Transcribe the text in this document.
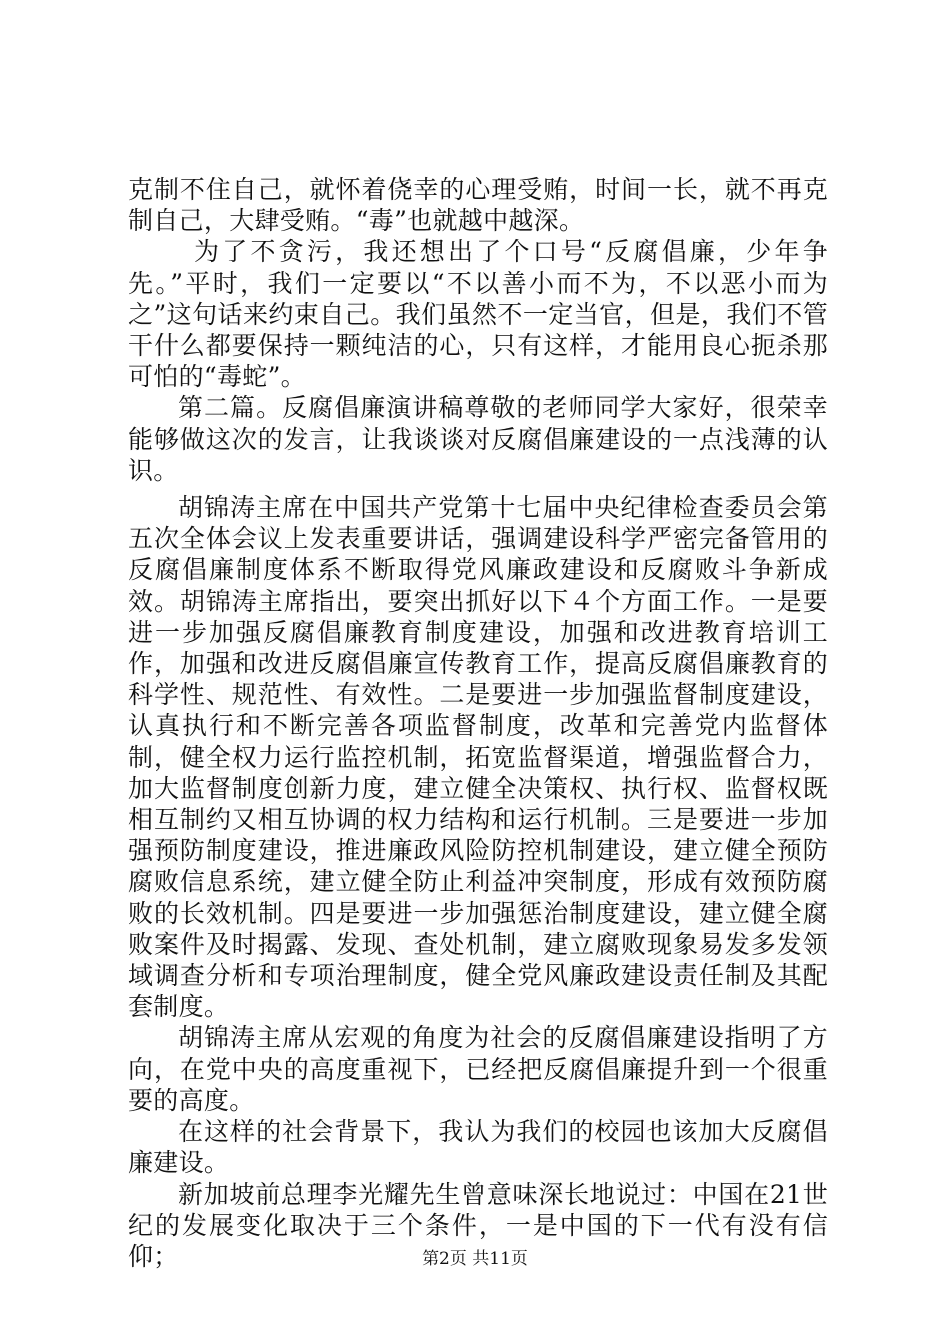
克制不住自己，就怀着侥幸的心理受贿，时间一长，就不再克制自己，大肆受贿。“毒”也就越中越深。

为了不贪污，我还想出了个口号“反腐倡廉，少年争先。”平时，我们一定要以“不以善小而不为，不以恶小而为之”这句话来约束自己。我们虽然不一定当官，但是，我们不管干什么都要保持一颗纯洁的心，只有这样，才能用良心扼杀那可怕的“毒蛇”。

第二篇。反腐倡廉演讲稿尊敬的老师同学大家好，很荣幸能够做这次的发言，让我谈谈对反腐倡廉建设的一点浅薄的认识。

胡锦涛主席在中国共产党第十七届中央纪律检查委员会第五次全体会议上发表重要讲话，强调建设科学严密完备管用的反腐倡廉制度体系不断取得党风廉政建设和反腐败斗争新成效。胡锦涛主席指出，要突出抓好以下４个方面工作。一是要进一步加强反腐倡廉教育制度建设，加强和改进教育培训工作，加强和改进反腐倡廉宣传教育工作，提高反腐倡廉教育的科学性、规范性、有效性。二是要进一步加强监督制度建设，认真执行和不断完善各项监督制度，改革和完善党内监督体制，健全权力运行监控机制，拓宽监督渠道，增强监督合力，加大监督制度创新力度，建立健全决策权、执行权、监督权既相互制约又相互协调的权力结构和运行机制。三是要进一步加强预防制度建设，推进廉政风险防控机制建设，建立健全预防腐败信息系统，建立健全防止利益冲突制度，形成有效预防腐败的长效机制。四是要进一步加强惩治制度建设，建立健全腐败案件及时揭露、发现、查处机制，建立腐败现象易发多发领域调查分析和专项治理制度，健全党风廉政建设责任制及其配套制度。

胡锦涛主席从宏观的角度为社会的反腐倡廉建设指明了方向，在党中央的高度重视下，已经把反腐倡廉提升到一个很重要的高度。

在这样的社会背景下，我认为我们的校园也该加大反腐倡廉建设。

新加坡前总理李光耀先生曾意味深长地说过：中国在21世纪的发展变化取决于三个条件，一是中国的下一代有没有信仰；	第2页 共11页
